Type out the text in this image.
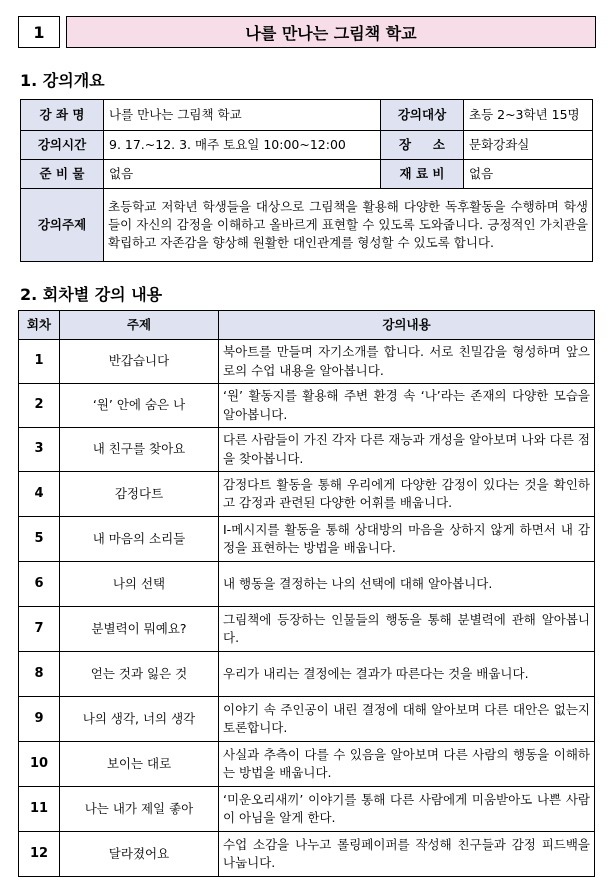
1	나를 만나는 그림책 학교
1. 강의개요
강 좌 명	나를 만나는 그림책 학교	강의대상	초등 2~3학년 15명
강의시간	9. 17.~12. 3. 매주 토요일 10:00~12:00	장     소	문화강좌실
준 비 물	없음	재 료 비	없음
강의주제	초등학교 저학년 학생들을 대상으로 그림책을 활용해 다양한 독후활동을 수행하며 학생들이 자신의 감정을 이해하고 올바르게 표현할 수 있도록 도와줍니다. 긍정적인 가치관을 확립하고 자존감을 향상해 원활한 대인관계를 형성할 수 있도록 합니다.		
2. 회차별 강의 내용
회차	주제	강의내용
1	반갑습니다	북아트를 만들며 자기소개를 합니다. 서로 친밀감을 형성하며 앞으로의 수업 내용을 알아봅니다.
2	‘원’ 안에 숨은 나	‘원’ 활동지를 활용해 주변 환경 속 ‘나’라는 존재의 다양한 모습을 알아봅니다.
3	내 친구를 찾아요	다른 사람들이 가진 각자 다른 재능과 개성을 알아보며 나와 다른 점을 찾아봅니다.
4	감정다트	감정다트 활동을 통해 우리에게 다양한 감정이 있다는 것을 확인하고 감정과 관련된 다양한 어휘를 배웁니다.
5	내 마음의 소리들	I-메시지를 활동을 통해 상대방의 마음을 상하지 않게 하면서 내 감정을 표현하는 방법을 배웁니다.
6	나의 선택	내 행동을 결정하는 나의 선택에 대해 알아봅니다.
7	분별력이 뭐예요?	그림책에 등장하는 인물들의 행동을 통해 분별력에 관해 알아봅니다.
8	얻는 것과 잃은 것	우리가 내리는 결정에는 결과가 따른다는 것을 배웁니다.
9	나의 생각, 너의 생각	이야기 속 주인공이 내린 결정에 대해 알아보며 다른 대안은 없는지 토론합니다.
10	보이는 대로	사실과 추측이 다를 수 있음을 알아보며 다른 사람의 행동을 이해하는 방법을 배웁니다.
11	나는 내가 제일 좋아	‘미운오리새끼’ 이야기를 통해 다른 사람에게 미움받아도 나쁜 사람이 아님을 알게 한다.
12	달라졌어요	수업 소감을 나누고 롤링페이퍼를 작성해 친구들과 감정 피드백을 나눕니다.
